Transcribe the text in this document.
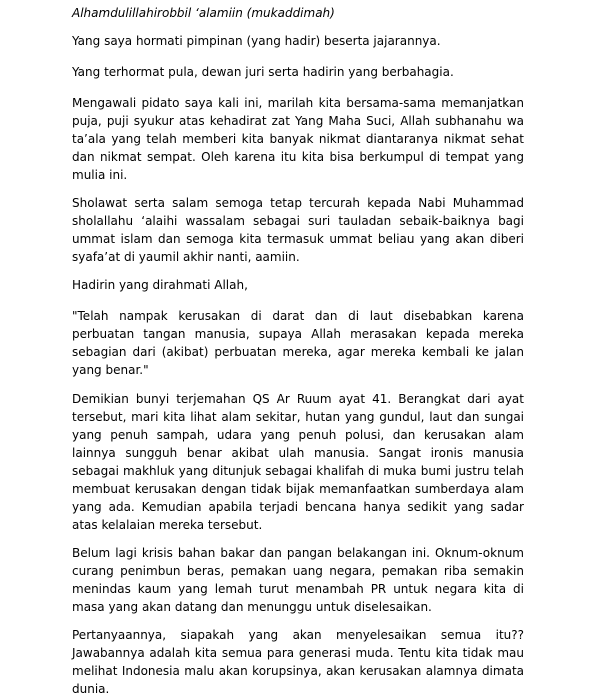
Alhamdulillahirobbil ‘alamiin (mukaddimah)

Yang saya hormati pimpinan (yang hadir) beserta jajarannya.

Yang terhormat pula, dewan juri serta hadirin yang berbahagia.

Mengawali pidato saya kali ini, marilah kita bersama-sama memanjatkan puja, puji syukur atas kehadirat zat Yang Maha Suci, Allah subhanahu wa ta’ala yang telah memberi kita banyak nikmat diantaranya nikmat sehat dan nikmat sempat. Oleh karena itu kita bisa berkumpul di tempat yang mulia ini.

Sholawat serta salam semoga tetap tercurah kepada Nabi Muhammad sholallahu ‘alaihi wassalam sebagai suri tauladan sebaik-baiknya bagi ummat islam dan semoga kita termasuk ummat beliau yang akan diberi syafa’at di yaumil akhir nanti, aamiin.

Hadirin yang dirahmati Allah,

"Telah nampak kerusakan di darat dan di laut disebabkan karena perbuatan tangan manusia, supaya Allah merasakan kepada mereka sebagian dari (akibat) perbuatan mereka, agar mereka kembali ke jalan yang benar."

Demikian bunyi terjemahan QS Ar Ruum ayat 41. Berangkat dari ayat tersebut, mari kita lihat alam sekitar, hutan yang gundul, laut dan sungai yang penuh sampah, udara yang penuh polusi, dan kerusakan alam lainnya sungguh benar akibat ulah manusia. Sangat ironis manusia sebagai makhluk yang ditunjuk sebagai khalifah di muka bumi justru telah membuat kerusakan dengan tidak bijak memanfaatkan sumberdaya alam yang ada. Kemudian apabila terjadi bencana hanya sedikit yang sadar atas kelalaian mereka tersebut.

Belum lagi krisis bahan bakar dan pangan belakangan ini. Oknum-oknum curang penimbun beras, pemakan uang negara, pemakan riba semakin menindas kaum yang lemah turut menambah PR untuk negara kita di masa yang akan datang dan menunggu untuk diselesaikan.

Pertanyaannya, siapakah yang akan menyelesaikan semua itu?? Jawabannya adalah kita semua para generasi muda. Tentu kita tidak mau melihat Indonesia malu akan korupsinya, akan kerusakan alamnya dimata dunia.
